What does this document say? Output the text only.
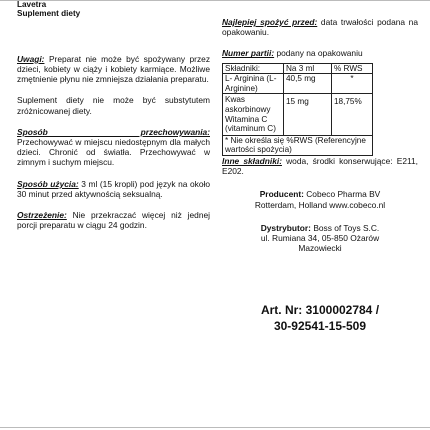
Lavetra

Suplement diety

Uwagi: Preparat nie może być spożywany przez dzieci, kobiety w ciąży i kobiety karmiące. Możliwe zmętnienie płynu nie zmniejsza działania preparatu.

Suplement diety nie może być substytutem zróżnicowanej diety.

Sposób przechowywania: Przechowywać w miejscu niedostępnym dla małych dzieci. Chronić od światła. Przechowywać w zimnym i suchym miejscu.

Sposób użycia: 3 ml (15 kropli) pod język na około 30 minut przed aktywnością seksualną.

Ostrzeżenie: Nie przekraczać więcej niż jednej porcji preparatu w ciągu 24 godzin.

Najlepiej spożyć przed: data trwałości podana na opakowaniu.

Numer partii: podany na opakowaniu

Składniki:	Na 3 ml	% RWS
L- Arginina (L-Arginine)	40,5 mg	*
Kwas askorbinowy Witamina C (vitaminum C)	15 mg	18,75%
* Nie określa się %RWS (Referencyjne wartości spożycia)		

Inne składniki: woda, środki konserwujące: E211, E202.

Producent: Cobeco Pharma BV
Rotterdam, Holland www.cobeco.nl
Dystrybutor: Boss of Toys S.C.
ul. Rumiana 34, 05-850 Ożarów
Mazowiecki
Art. Nr: 3100002784 /
30-92541-15-509
